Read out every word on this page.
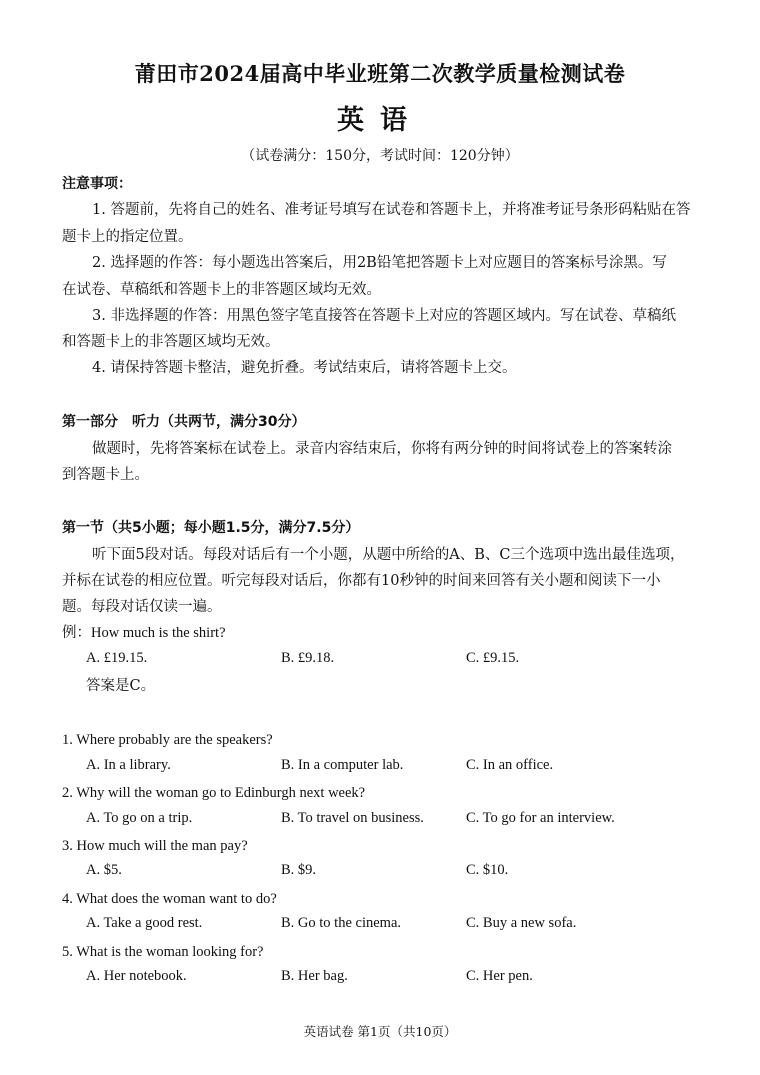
莆田市2024届高中毕业班第二次教学质量检测试卷
英语
（试卷满分：150分，考试时间：120分钟）
注意事项：
1. 答题前，先将自己的姓名、准考证号填写在试卷和答题卡上，并将准考证号条形码粘贴在答
题卡上的指定位置。
2. 选择题的作答：每小题选出答案后，用2B铅笔把答题卡上对应题目的答案标号涂黑。写
在试卷、草稿纸和答题卡上的非答题区域均无效。
3. 非选择题的作答：用黑色签字笔直接答在答题卡上对应的答题区域内。写在试卷、草稿纸
和答题卡上的非答题区域均无效。
4. 请保持答题卡整洁，避免折叠。考试结束后，请将答题卡上交。
第一部分　听力（共两节，满分30分）
做题时，先将答案标在试卷上。录音内容结束后，你将有两分钟的时间将试卷上的答案转涂
到答题卡上。
第一节（共5小题；每小题1.5分，满分7.5分）
听下面5段对话。每段对话后有一个小题，从题中所给的A、B、C三个选项中选出最佳选项，
并标在试卷的相应位置。听完每段对话后，你都有10秒钟的时间来回答有关小题和阅读下一小
题。每段对话仅读一遍。
例：How much is the shirt?
A. £19.15.	B. £9.18.	C. £9.15.
答案是C。
1. Where probably are the speakers?
A. In a library.	B. In a computer lab.	C. In an office.
2. Why will the woman go to Edinburgh next week?
A. To go on a trip.	B. To travel on business.	C. To go for an interview.
3. How much will the man pay?
A. $5.	B. $9.	C. $10.
4. What does the woman want to do?
A. Take a good rest.	B. Go to the cinema.	C. Buy a new sofa.
5. What is the woman looking for?
A. Her notebook.	B. Her bag.	C. Her pen.
英语试卷 第1页（共10页）
